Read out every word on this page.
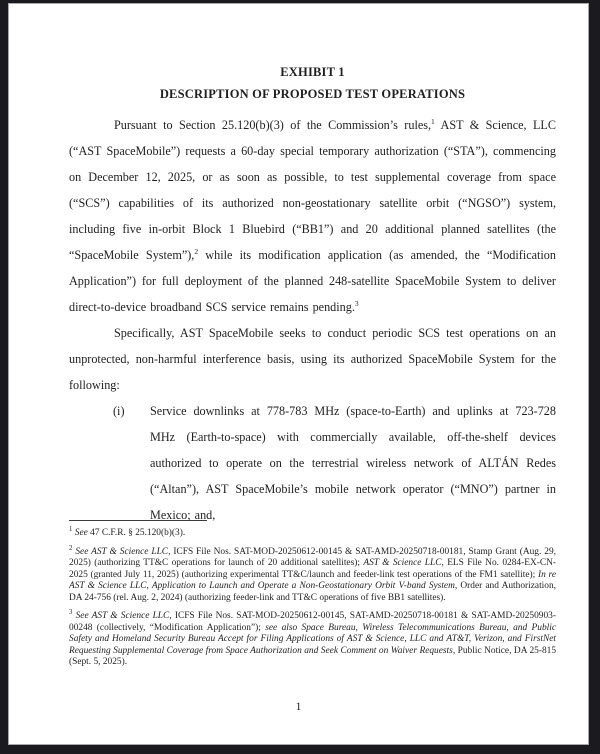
EXHIBIT 1
DESCRIPTION OF PROPOSED TEST OPERATIONS

Pursuant to Section 25.120(b)(3) of the Commission’s rules,$^1$ AST & Science, LLC (“AST SpaceMobile”) requests a 60-day special temporary authorization (“STA”), commencing on December 12, 2025, or as soon as possible, to test supplemental coverage from space (“SCS”) capabilities of its authorized non-geostationary satellite orbit (“NGSO”) system, including five in-orbit Block 1 Bluebird (“BB1”) and 20 additional planned satellites (the “SpaceMobile System”),$^2$ while its modification application (as amended, the “Modification Application”) for full deployment of the planned 248-satellite SpaceMobile System to deliver direct-to-device broadband SCS service remains pending.$^3$

Specifically, AST SpaceMobile seeks to conduct periodic SCS test operations on an unprotected, non-harmful interference basis, using its authorized SpaceMobile System for the following:

(i)	Service downlinks at 778-783 MHz (space-to-Earth) and uplinks at 723-728 MHz (Earth-to-space) with commercially available, off-the-shelf devices authorized to operate on the terrestrial wireless network of ALTÁN Redes (“Altan”), AST SpaceMobile’s mobile network operator (“MNO”) partner in Mexico; and,

$^1$ See 47 C.F.R. § 25.120(b)(3).

$^2$ See AST & Science LLC, ICFS File Nos. SAT-MOD-20250612-00145 & SAT-AMD-20250718-00181, Stamp Grant (Aug. 29, 2025) (authorizing TT&C operations for launch of 20 additional satellites); AST & Science LLC, ELS File No. 0284-EX-CN-2025 (granted July 11, 2025) (authorizing experimental TT&C/launch and feeder-link test operations of the FM1 satellite); In re AST & Science LLC, Application to Launch and Operate a Non-Geostationary Orbit V-band System, Order and Authorization, DA 24-756 (rel. Aug. 2, 2024) (authorizing feeder-link and TT&C operations of five BB1 satellites).

$^3$ See AST & Science LLC, ICFS File Nos. SAT-MOD-20250612-00145, SAT-AMD-20250718-00181 & SAT-AMD-20250903-00248 (collectively, “Modification Application”); see also Space Bureau, Wireless Telecommunications Bureau, and Public Safety and Homeland Security Bureau Accept for Filing Applications of AST & Science, LLC and AT&T, Verizon, and FirstNet Requesting Supplemental Coverage from Space Authorization and Seek Comment on Waiver Requests, Public Notice, DA 25-815 (Sept. 5, 2025).

1
